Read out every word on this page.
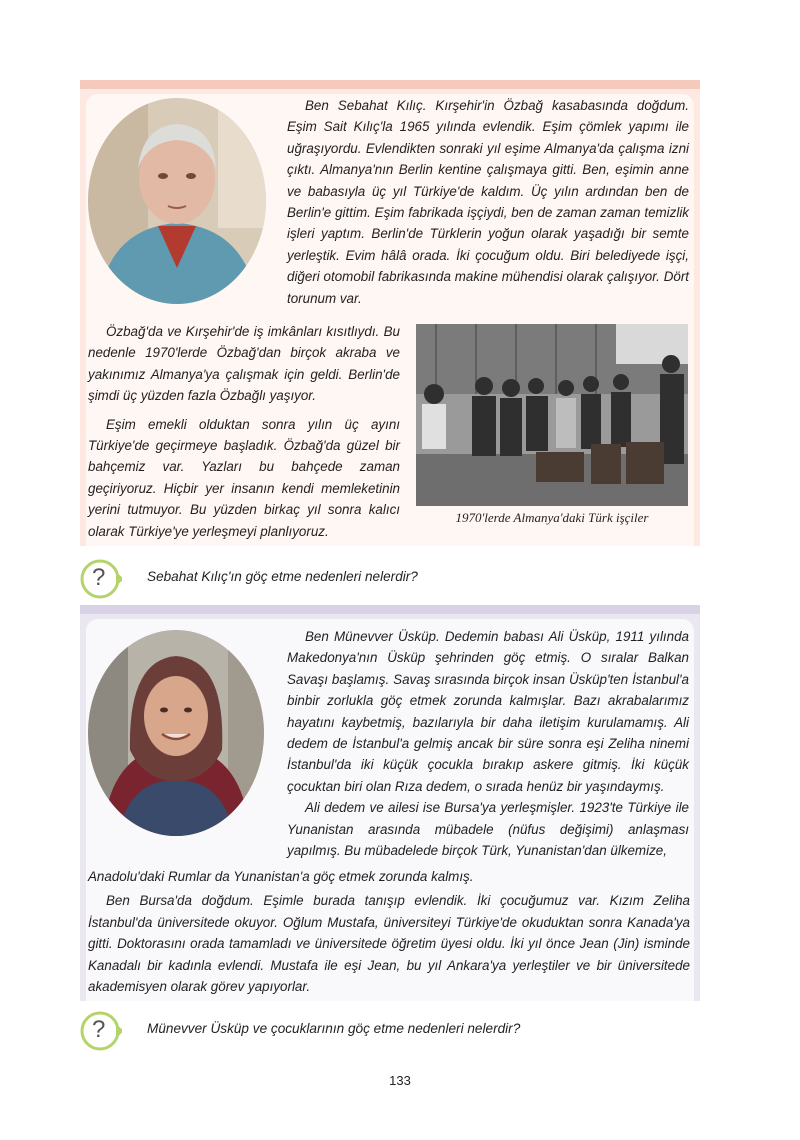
Ben Sebahat Kılıç. Kırşehir'in Özbağ kasabasında doğdum. Eşim Sait Kılıç'la 1965 yılında evlendik. Eşim çömlek yapımı ile uğraşıyordu. Evlendikten sonraki yıl eşime Almanya'da çalışma izni çıktı. Almanya'nın Berlin kentine çalışmaya gitti. Ben, eşimin anne ve babasıyla üç yıl Türkiye'de kaldım. Üç yılın ardından ben de Berlin'e gittim. Eşim fabrikada işçiydi, ben de zaman zaman temizlik işleri yaptım. Berlin'de Türklerin yoğun olarak yaşadığı bir semte yerleştik. Evim hâlâ orada. İki çocuğum oldu. Biri belediyede işçi, diğeri otomobil fabrikasında makine mühendisi olarak çalışıyor. Dört torunum var.

Özbağ'da ve Kırşehir'de iş imkânları kısıtlıydı. Bu nedenle 1970'lerde Özbağ'dan birçok akraba ve yakınımız Almanya'ya çalışmak için geldi. Berlin'de şimdi üç yüzden fazla Özbağlı yaşıyor.

Eşim emekli olduktan sonra yılın üç ayını Türkiye'de geçirmeye başladık. Özbağ'da güzel bir bahçemiz var. Yazları bu bahçede zaman geçiriyoruz. Hiçbir yer insanın kendi memleketinin yerini tutmuyor. Bu yüzden birkaç yıl sonra kalıcı olarak Türkiye'ye yerleşmeyi planlıyoruz.

1970'lerde Almanya'daki Türk işçiler
?	Sebahat Kılıç'ın göç etme nedenleri nelerdir?

Ben Münevver Üsküp. Dedemin babası Ali Üsküp, 1911 yılında Makedonya'nın Üsküp şehrinden göç etmiş. O sıralar Balkan Savaşı başlamış. Savaş sırasında birçok insan Üsküp'ten İstanbul'a binbir zorlukla göç etmek zorunda kalmışlar. Bazı akrabalarımız hayatını kaybetmiş, bazılarıyla bir daha iletişim kurulamamış. Ali dedem de İstanbul'a gelmiş ancak bir süre sonra eşi Zeliha ninemi İstanbul'da iki küçük çocukla bırakıp askere gitmiş. İki küçük çocuktan biri olan Rıza dedem, o sırada henüz bir yaşındaymış.

Ali dedem ve ailesi ise Bursa'ya yerleşmişler. 1923'te Türkiye ile Yunanistan arasında mübadele (nüfus değişimi) anlaşması yapılmış. Bu mübadelede birçok Türk, Yunanistan'dan ülkemize,

Anadolu'daki Rumlar da Yunanistan'a göç etmek zorunda kalmış.

Ben Bursa'da doğdum. Eşimle burada tanışıp evlendik. İki çocuğumuz var. Kızım Zeliha İstanbul'da üniversitede okuyor. Oğlum Mustafa, üniversiteyi Türkiye'de okuduktan sonra Kanada'ya gitti. Doktorasını orada tamamladı ve üniversitede öğretim üyesi oldu. İki yıl önce Jean (Jin) isminde Kanadalı bir kadınla evlendi. Mustafa ile eşi Jean, bu yıl Ankara'ya yerleştiler ve bir üniversitede akademisyen olarak görev yapıyorlar.

?	Münevver Üsküp ve çocuklarının göç etme nedenleri nelerdir?
133
